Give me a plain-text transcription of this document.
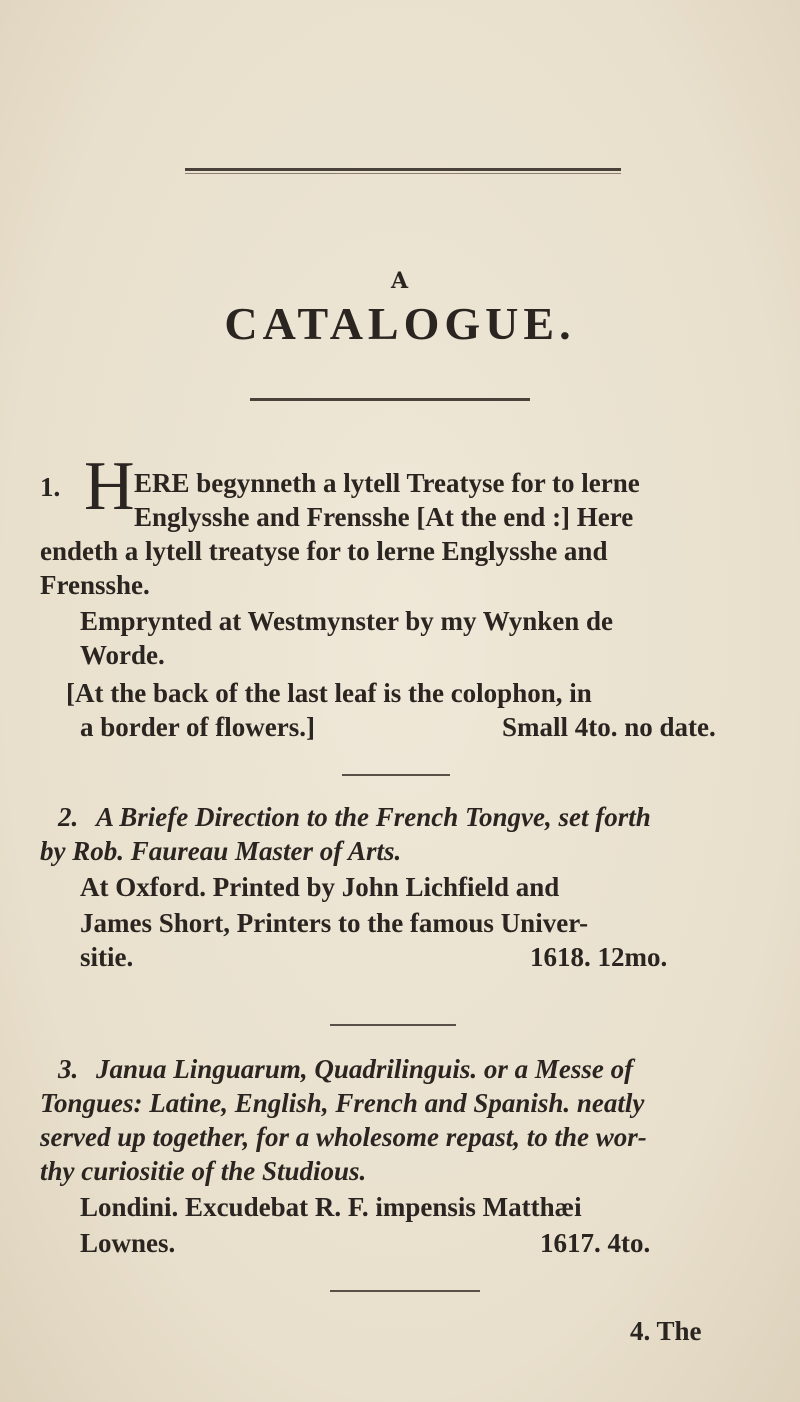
A
CATALOGUE.
1. H ERE begynneth a lytell Treatyse for to lerne
Englysshe and Frensshe [At the end :] Here
endeth a lytell treatyse for to lerne Englysshe and
Frensshe.
Emprynted at Westmynster by my Wynken de
Worde.
[At the back of the last leaf is the colophon, in
a border of flowers.]	Small 4to. no date.
2. A Briefe Direction to the French Tongve, set forth
by Rob. Faureau Master of Arts.
At Oxford. Printed by John Lichfield and
James Short, Printers to the famous Univer-
sitie.	1618. 12mo.
3. Janua Linguarum, Quadrilinguis. or a Messe of
Tongues: Latine, English, French and Spanish. neatly
served up together, for a wholesome repast, to the wor-
thy curiositie of the Studious.
Londini. Excudebat R. F. impensis Matthæi
Lownes.	1617. 4to.
4. The
